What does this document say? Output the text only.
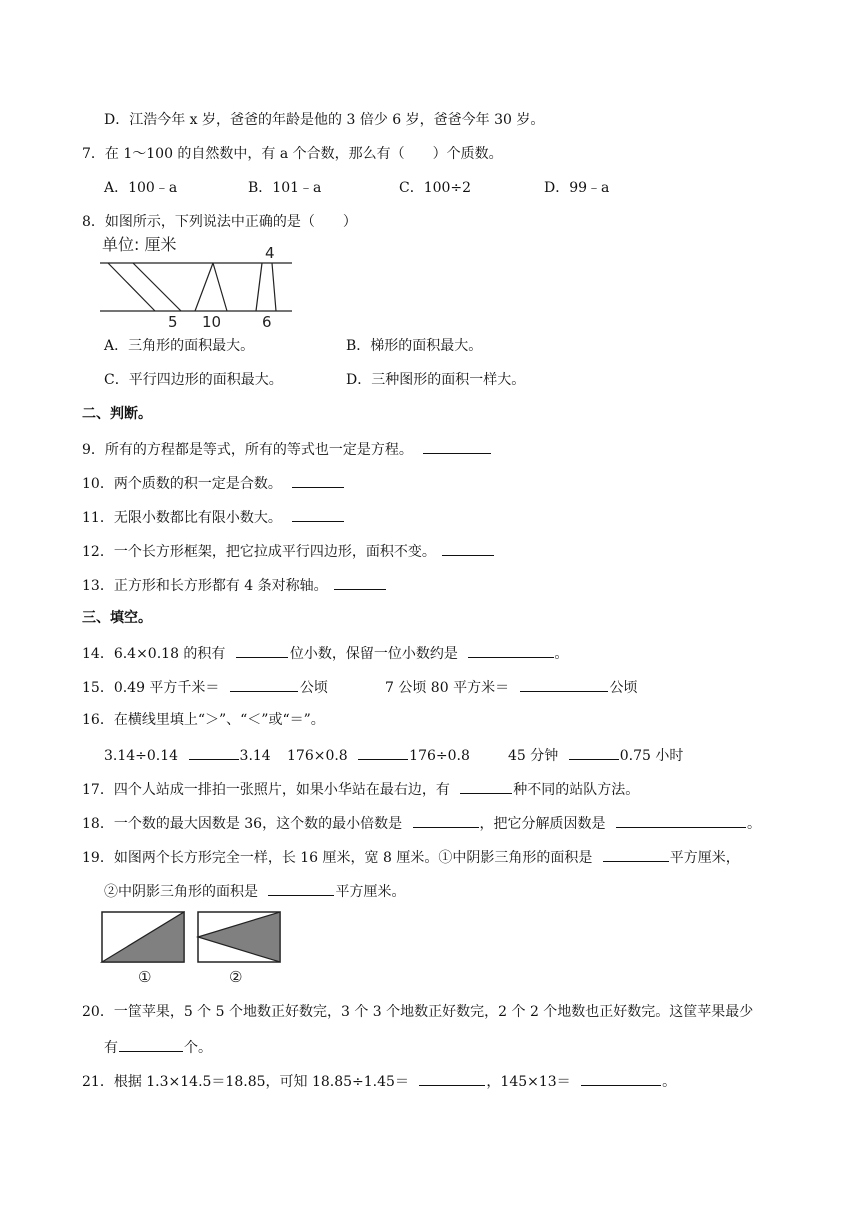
D．江浩今年 x 岁，爸爸的年龄是他的 3 倍少 6 岁，爸爸今年 30 岁。
7．在 1～100 的自然数中，有 a 个合数，那么有（　　）个质数。
A．100﹣a	B．101﹣a	C．100÷2	D．99﹣a
8．如图所示，下列说法中正确的是（　　）
单位: 厘米	4
5 10	6
A．三角形的面积最大。	B．梯形的面积最大。
C．平行四边形的面积最大。	D．三种图形的面积一样大。
二、判断。
9．所有的方程都是等式，所有的等式也一定是方程。
10．两个质数的积一定是合数。
11．无限小数都比有限小数大。
12．一个长方形框架，把它拉成平行四边形，面积不变。
13．正方形和长方形都有 4 条对称轴。
三、填空。
14．6.4×0.18 的积有	位小数，保留一位小数约是	。
15．0.49 平方千米＝	公顷	7 公顷 80 平方米＝	公顷
16．在横线里填上“＞”、“＜”或“＝”。
3.14÷0.14	3.14 176×0.8	176÷0.8	45 分钟	0.75 小时
17．四个人站成一排拍一张照片，如果小华站在最右边，有	种不同的站队方法。
18．一个数的最大因数是 36，这个数的最小倍数是	，把它分解质因数是	。
19．如图两个长方形完全一样，长 16 厘米，宽 8 厘米。①中阴影三角形的面积是	平方厘米，
②中阴影三角形的面积是	平方厘米。
①	②
20．一筐苹果，5 个 5 个地数正好数完，3 个 3 个地数正好数完，2 个 2 个地数也正好数完。这筐苹果最少
有	个。
21．根据 1.3×14.5＝18.85，可知 18.85÷1.45＝	，145×13＝	。
